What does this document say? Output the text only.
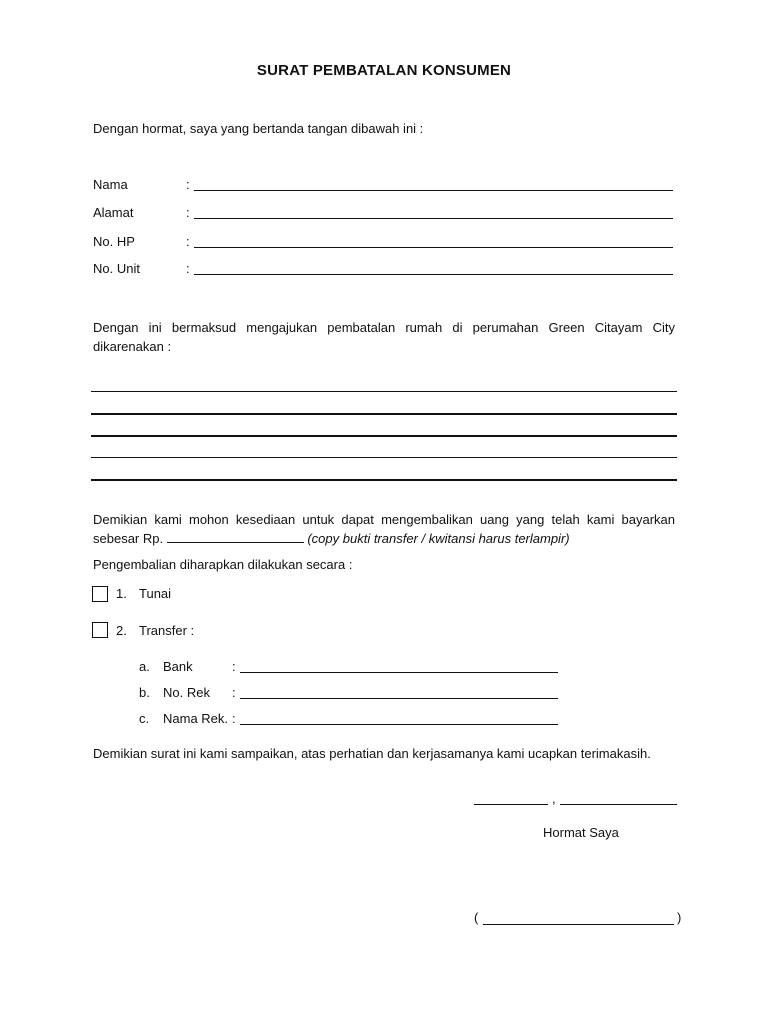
SURAT PEMBATALAN KONSUMEN
Dengan hormat, saya yang bertanda tangan dibawah ini :
Nama	:
Alamat	:
No. HP	:
No. Unit	:
Dengan ini bermaksud mengajukan pembatalan rumah di perumahan Green Citayam City dikarenakan :
Demikian kami mohon kesediaan untuk dapat mengembalikan uang yang telah kami bayarkan sebesar Rp.	(copy bukti transfer / kwitansi harus terlampir)
Pengembalian diharapkan dilakukan secara :
1. Tunai
2. Transfer :
a. Bank	:
b. No. Rek :
c. Nama Rek. :
Demikian surat ini kami sampaikan, atas perhatian dan kerjasamanya kami ucapkan terimakasih.
,
Hormat Saya
(	)
